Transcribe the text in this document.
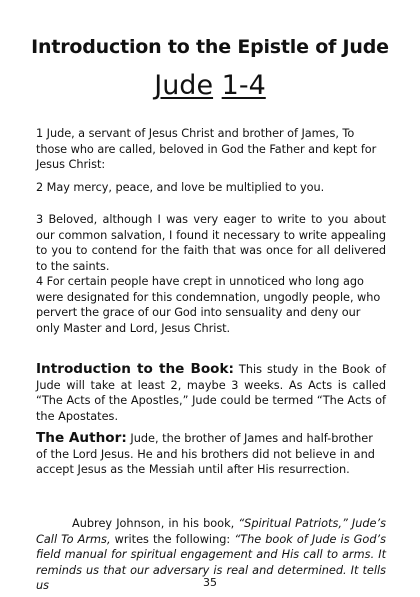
Introduction to the Epistle of Jude
Jude 1-4

1 Jude, a servant of Jesus Christ and brother of James, To those who are called, beloved in God the Father and kept for Jesus Christ:

2 May mercy, peace, and love be multiplied to you.

3 Beloved, although I was very eager to write to you about our common salvation, I found it necessary to write appealing to you to contend for the faith that was once for all delivered to the saints.

4 For certain people have crept in unnoticed who long ago were designated for this condemnation, ungodly people, who pervert the grace of our God into sensuality and deny our only Master and Lord, Jesus Christ.

Introduction to the Book: This study in the Book of Jude will take at least 2, maybe 3 weeks. As Acts is called “The Acts of the Apostles,” Jude could be termed “The Acts of the Apostates.

The Author: Jude, the brother of James and half-brother of the Lord Jesus. He and his brothers did not believe in and accept Jesus as the Messiah until after His resurrection.

Aubrey Johnson, in his book, “Spiritual Patriots,” Jude’s Call To Arms, writes the following: “The book of Jude is God’s field manual for spiritual engagement and His call to arms. It reminds us that our adversary is real and determined. It tells us	35
